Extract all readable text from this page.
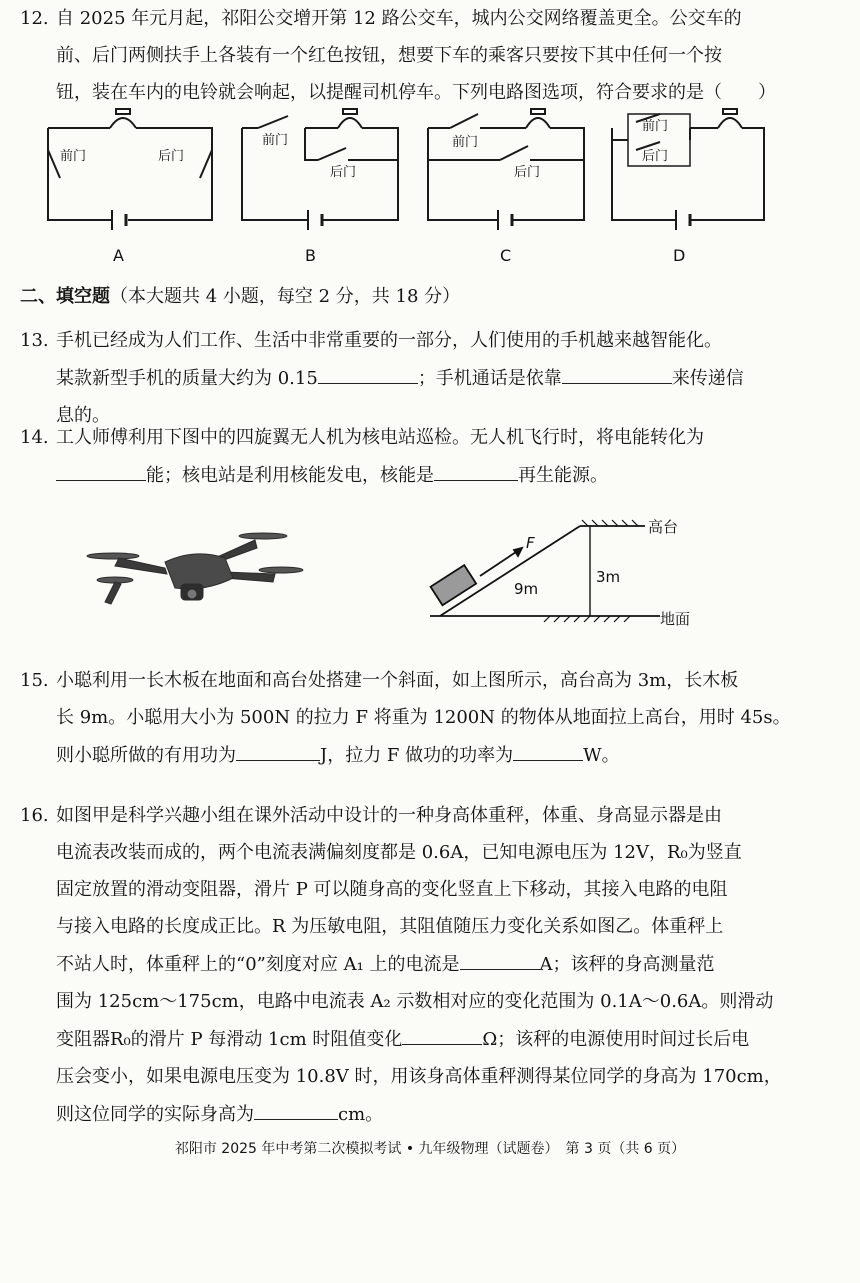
12. 自 2025 年元月起，祁阳公交增开第 12 路公交车，城内公交网络覆盖更全。公交车的
前、后门两侧扶手上各装有一个红色按钮，想要下车的乘客只要按下其中任何一个按
钮，装在车内的电铃就会响起，以提醒司机停车。下列电路图选项，符合要求的是（　　）
前门	后门
前门
后门
前门
后门
前门
后门
A	B	C	D
二、填空题（本大题共 4 小题，每空 2 分，共 18 分）
13. 手机已经成为人们工作、生活中非常重要的一部分，人们使用的手机越来越智能化。
某款新型手机的质量大约为 0.15	；手机通话是依靠	来传递信
息的。
14. 工人师傅利用下图中的四旋翼无人机为核电站巡检。无人机飞行时，将电能转化为
能；核电站是利用核能发电，核能是	再生能源。
F
9m
3m
高台
地面
15. 小聪利用一长木板在地面和高台处搭建一个斜面，如上图所示，高台高为 3m，长木板
长 9m。小聪用大小为 500N 的拉力 F 将重为 1200N 的物体从地面拉上高台，用时 45s。
则小聪所做的有用功为	J，拉力 F 做功的功率为	W。
16. 如图甲是科学兴趣小组在课外活动中设计的一种身高体重秤，体重、身高显示器是由
电流表改装而成的，两个电流表满偏刻度都是 0.6A，已知电源电压为 12V，R₀为竖直
固定放置的滑动变阻器，滑片 P 可以随身高的变化竖直上下移动，其接入电路的电阻
与接入电路的长度成正比。R 为压敏电阻，其阻值随压力变化关系如图乙。体重秤上
不站人时，体重秤上的“0”刻度对应 A₁ 上的电流是	A；该秤的身高测量范
围为 125cm～175cm，电路中电流表 A₂ 示数相对应的变化范围为 0.1A～0.6A。则滑动
变阻器R₀的滑片 P 每滑动 1cm 时阻值变化	Ω；该秤的电源使用时间过长后电
压会变小，如果电源电压变为 10.8V 时，用该身高体重秤测得某位同学的身高为 170cm，
则这位同学的实际身高为	cm。
祁阳市 2025 年中考第二次模拟考试 • 九年级物理（试题卷）　第 3 页（共 6 页）
